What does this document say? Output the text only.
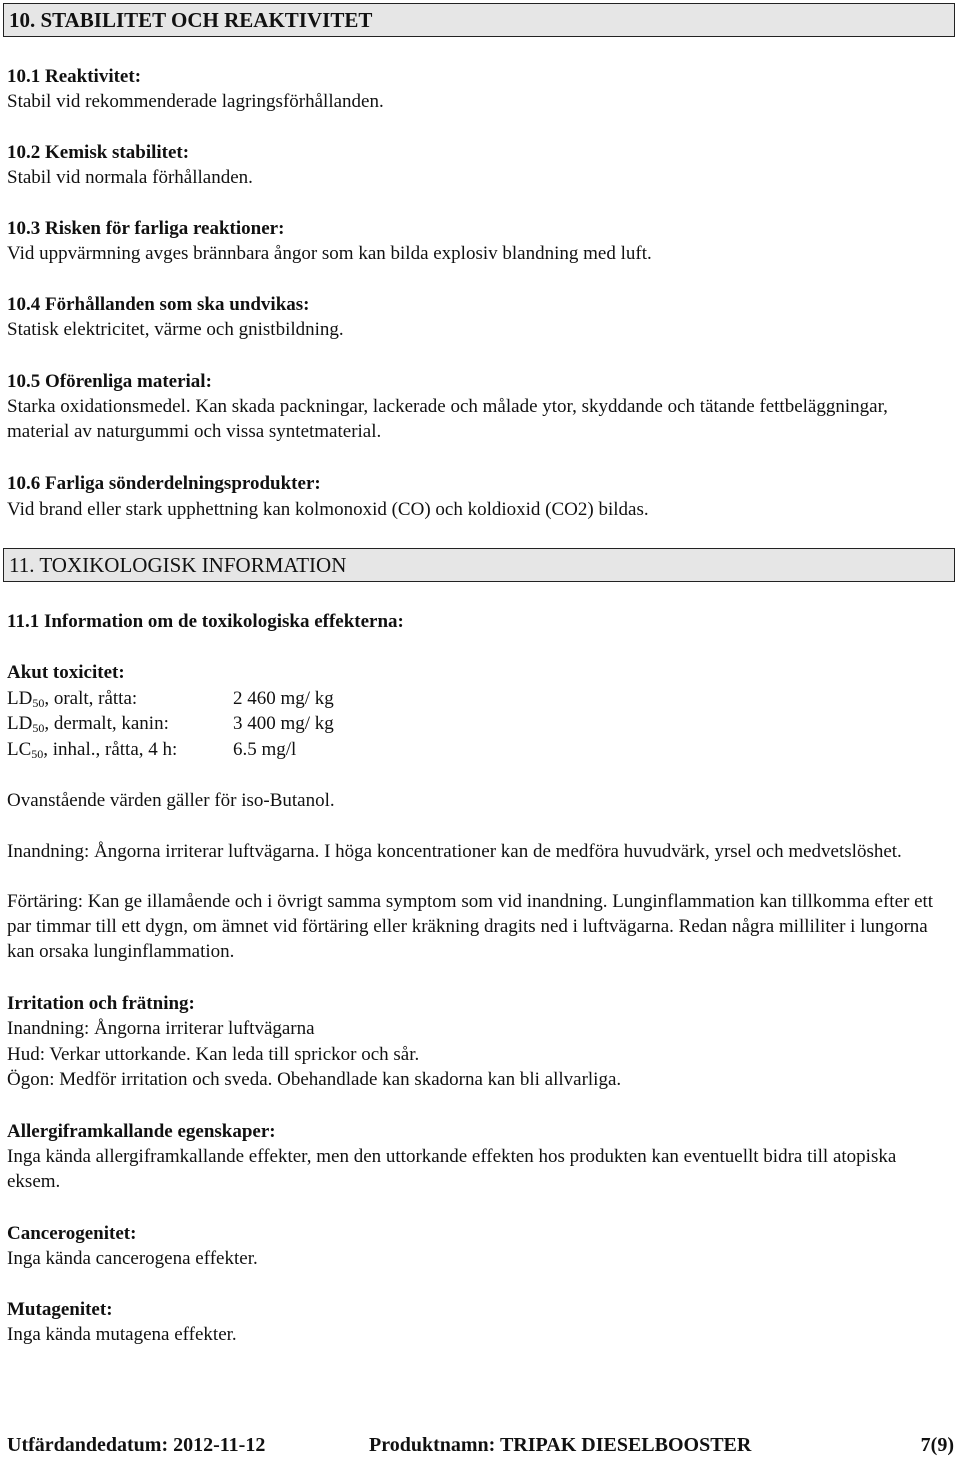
10. STABILITET OCH REAKTIVITET
10.1 Reaktivitet:
Stabil vid rekommenderade lagringsförhållanden.
10.2 Kemisk stabilitet:
Stabil vid normala förhållanden.
10.3 Risken för farliga reaktioner:
Vid uppvärmning avges brännbara ångor som kan bilda explosiv blandning med luft.
10.4 Förhållanden som ska undvikas:
Statisk elektricitet, värme och gnistbildning.
10.5 Oförenliga material:
Starka oxidationsmedel. Kan skada packningar, lackerade och målade ytor, skyddande och tätande fettbeläggningar, material av naturgummi och vissa syntetmaterial.
10.6 Farliga sönderdelningsprodukter:
Vid brand eller stark upphettning kan kolmonoxid (CO) och koldioxid (CO2) bildas.
11. TOXIKOLOGISK INFORMATION
11.1 Information om de toxikologiska effekterna:
Akut toxicitet:
$LD_{50}$, oralt, råtta:	2 460 mg/ kg
$LD_{50}$, dermalt, kanin:	3 400 mg/ kg
$LC_{50}$, inhal., råtta, 4 h:	6.5 mg/l
Ovanstående värden gäller för iso-Butanol.
Inandning: Ångorna irriterar luftvägarna. I höga koncentrationer kan de medföra huvudvärk, yrsel och medvetslöshet.
Förtäring: Kan ge illamående och i övrigt samma symptom som vid inandning. Lunginflammation kan tillkomma efter ett par timmar till ett dygn, om ämnet vid förtäring eller kräkning dragits ned i luftvägarna. Redan några milliliter i lungorna kan orsaka lunginflammation.
Irritation och frätning:
Inandning: Ångorna irriterar luftvägarna
Hud: Verkar uttorkande. Kan leda till sprickor och sår.
Ögon: Medför irritation och sveda. Obehandlade kan skadorna kan bli allvarliga.
Allergiframkallande egenskaper:
Inga kända allergiframkallande effekter, men den uttorkande effekten hos produkten kan eventuellt bidra till atopiska eksem.
Cancerogenitet:
Inga kända cancerogena effekter.
Mutagenitet:
Inga kända mutagena effekter.
Utfärdandedatum: 2012-11-12	Produktnamn: TRIPAK DIESELBOOSTER	7(9)
